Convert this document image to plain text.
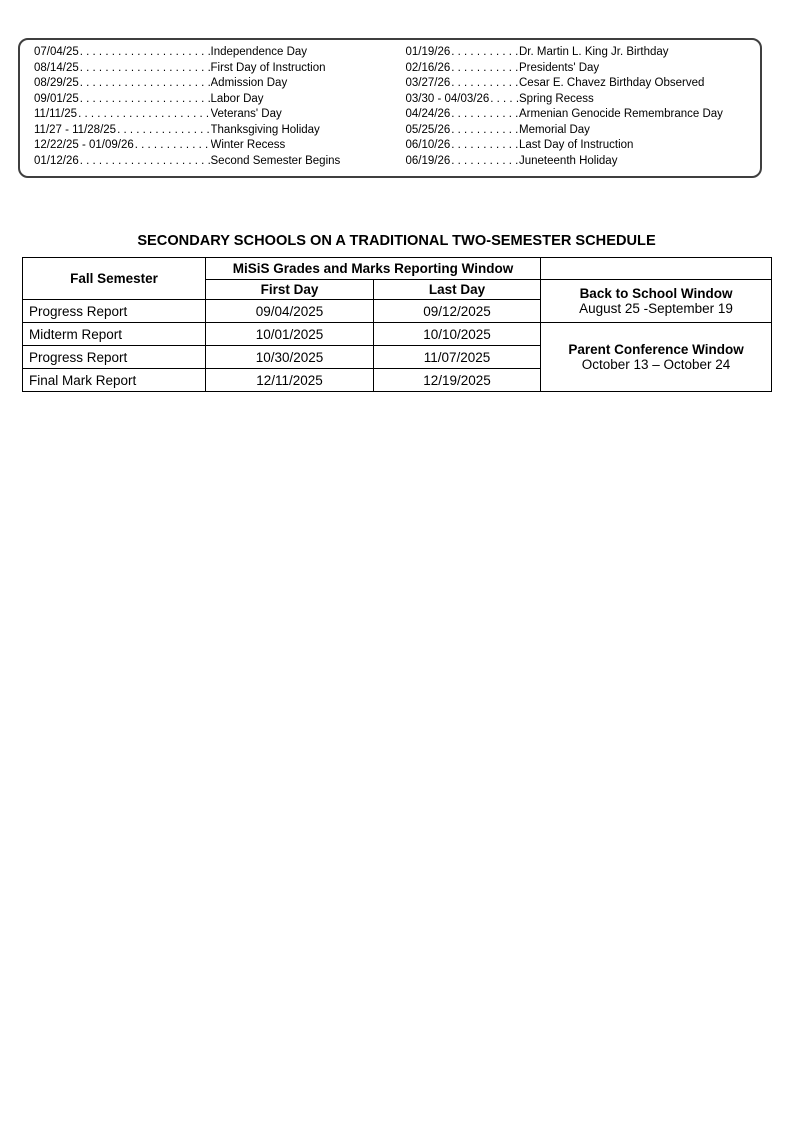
07/04/25 . . .	Independence Day
08/14/25 . . .	First Day of Instruction
08/29/25 . . .	Admission Day
09/01/25 . . .	Labor Day
11/11/25 . . .	Veterans' Day
11/27 - 11/28/25 . . .	Thanksgiving Holiday
12/22/25 - 01/09/26 . . .	Winter Recess
01/12/26 . . .	Second Semester Begins
01/19/26 . . .	Dr. Martin L. King Jr. Birthday
02/16/26 . . .	Presidents' Day
03/27/26 . . .	Cesar E. Chavez Birthday Observed
03/30 - 04/03/26 . . .	Spring Recess
04/24/26 . . .	Armenian Genocide Remembrance Day
05/25/26 . . .	Memorial Day
06/10/26 . . .	Last Day of Instruction
06/19/26 . . .	Juneteenth Holiday
SECONDARY SCHOOLS ON A TRADITIONAL TWO-SEMESTER SCHEDULE
Fall Semester	MiSiS Grades and Marks Reporting Window		
	First Day	Last Day	Back to School Window
August 25 -September 19

Progress Report	09/04/2025	09/12/2025	
Midterm Report	10/01/2025	10/10/2025	Parent Conference Window
October 13 – October 24

Progress Report	10/30/2025	11/07/2025	
Final Mark Report	12/11/2025	12/19/2025	
